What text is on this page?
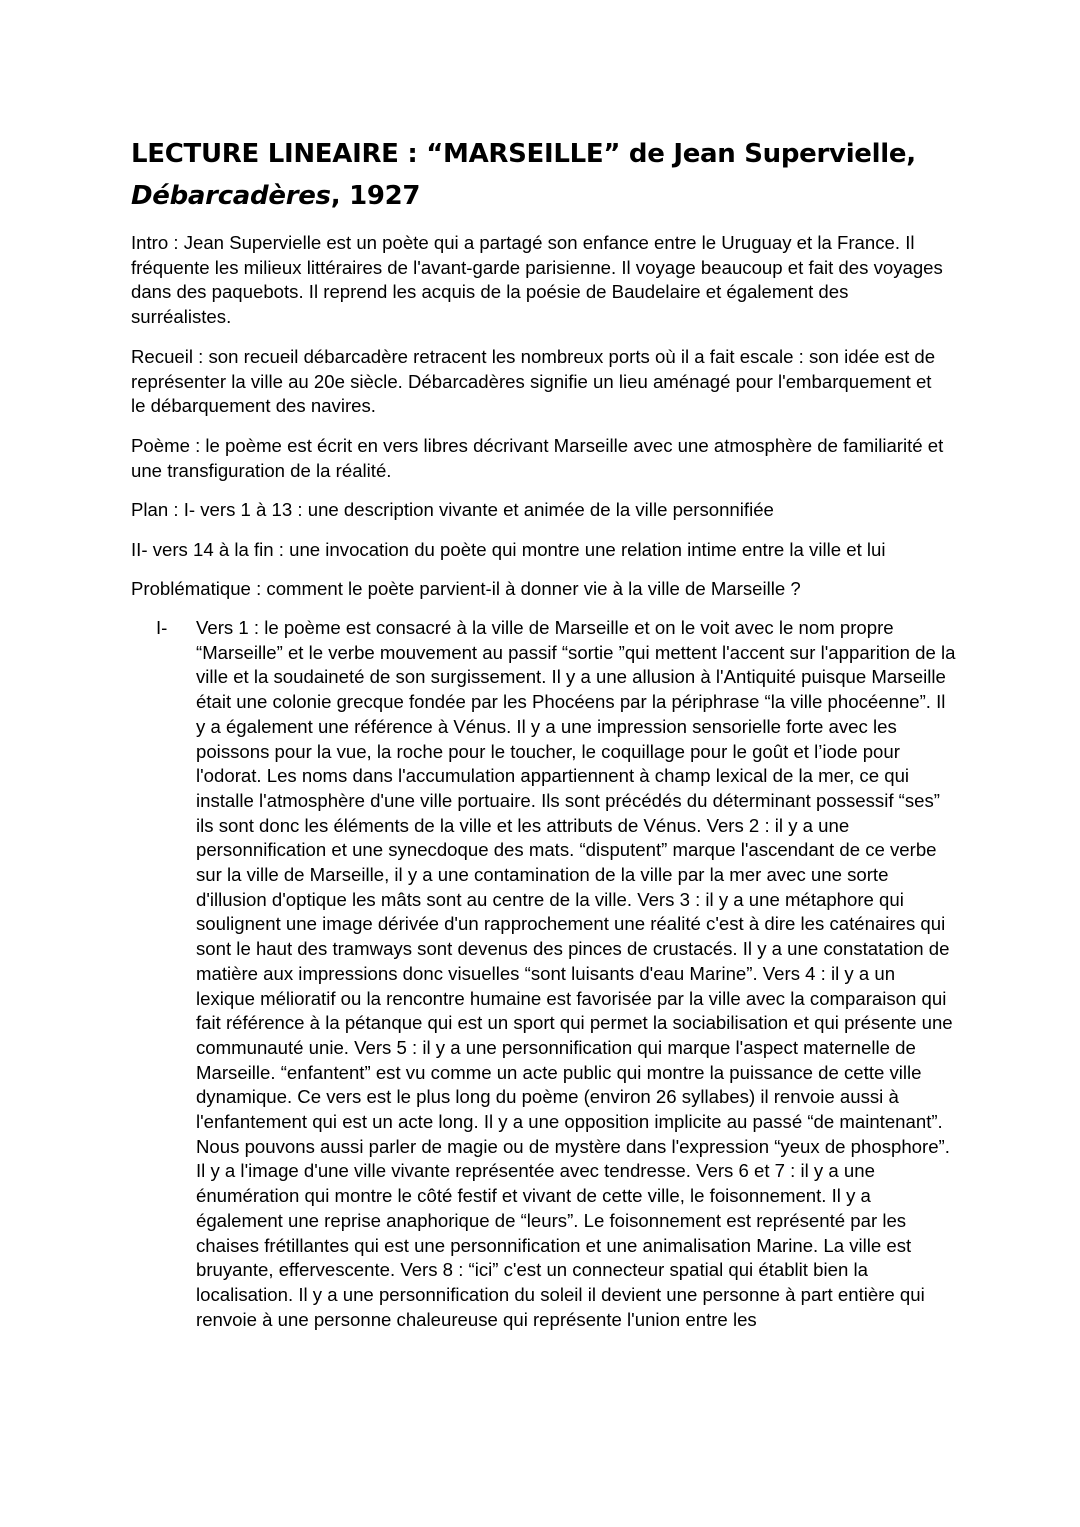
LECTURE LINEAIRE : “MARSEILLE” de Jean Supervielle,
Débarcadères, 1927

Intro : Jean Supervielle est un poète qui a partagé son enfance entre le Uruguay et la France. Il fréquente les milieux littéraires de l'avant-garde parisienne. Il voyage beaucoup et fait des voyages dans des paquebots. Il reprend les acquis de la poésie de Baudelaire et également des surréalistes.

Recueil : son recueil débarcadère retracent les nombreux ports où il a fait escale : son idée est de représenter la ville au 20e siècle. Débarcadères signifie un lieu aménagé pour l'embarquement et le débarquement des navires.

Poème : le poème est écrit en vers libres décrivant Marseille avec une atmosphère de familiarité et une transfiguration de la réalité.

Plan : I- vers 1 à 13 : une description vivante et animée de la ville personnifiée

II- vers 14 à la fin : une invocation du poète qui montre une relation intime entre la ville et lui

Problématique : comment le poète parvient-il à donner vie à la ville de Marseille ?

I- Vers 1 : le poème est consacré à la ville de Marseille et on le voit avec le nom propre “Marseille” et le verbe mouvement au passif “sortie ”qui mettent l'accent sur l'apparition de la ville et la soudaineté de son surgissement. Il y a une allusion à l'Antiquité puisque Marseille était une colonie grecque fondée par les Phocéens par la périphrase “la ville phocéenne”. Il y a également une référence à Vénus. Il y a une impression sensorielle forte avec les poissons pour la vue, la roche pour le toucher, le coquillage pour le goût et l’iode pour l'odorat. Les noms dans l'accumulation appartiennent à champ lexical de la mer, ce qui installe l'atmosphère d'une ville portuaire. Ils sont précédés du déterminant possessif “ses” ils sont donc les éléments de la ville et les attributs de Vénus. Vers 2 : il y a une personnification et une synecdoque des mats. “disputent” marque l'ascendant de ce verbe sur la ville de Marseille, il y a une contamination de la ville par la mer avec une sorte d'illusion d'optique les mâts sont au centre de la ville. Vers 3 : il y a une métaphore qui soulignent une image dérivée d'un rapprochement une réalité c'est à dire les caténaires qui sont le haut des tramways sont devenus des pinces de crustacés. Il y a une constatation de matière aux impressions donc visuelles “sont luisants d'eau Marine”. Vers 4 : il y a un lexique mélioratif ou la rencontre humaine est favorisée par la ville avec la comparaison qui fait référence à la pétanque qui est un sport qui permet la sociabilisation et qui présente une communauté unie. Vers 5 : il y a une personnification qui marque l'aspect maternelle de Marseille. “enfantent” est vu comme un acte public qui montre la puissance de cette ville dynamique. Ce vers est le plus long du poème (environ 26 syllabes) il renvoie aussi à l'enfantement qui est un acte long. Il y a une opposition implicite au passé “de maintenant”. Nous pouvons aussi parler de magie ou de mystère dans l'expression “yeux de phosphore”. Il y a l'image d'une ville vivante représentée avec tendresse. Vers 6 et 7 : il y a une énumération qui montre le côté festif et vivant de cette ville, le foisonnement. Il y a également une reprise anaphorique de “leurs”. Le foisonnement est représenté par les chaises frétillantes qui est une personnification et une animalisation Marine. La ville est bruyante, effervescente. Vers 8 : “ici” c'est un connecteur spatial qui établit bien la localisation. Il y a une personnification du soleil il devient une personne à part entière qui renvoie à une personne chaleureuse qui représente l'union entre les
